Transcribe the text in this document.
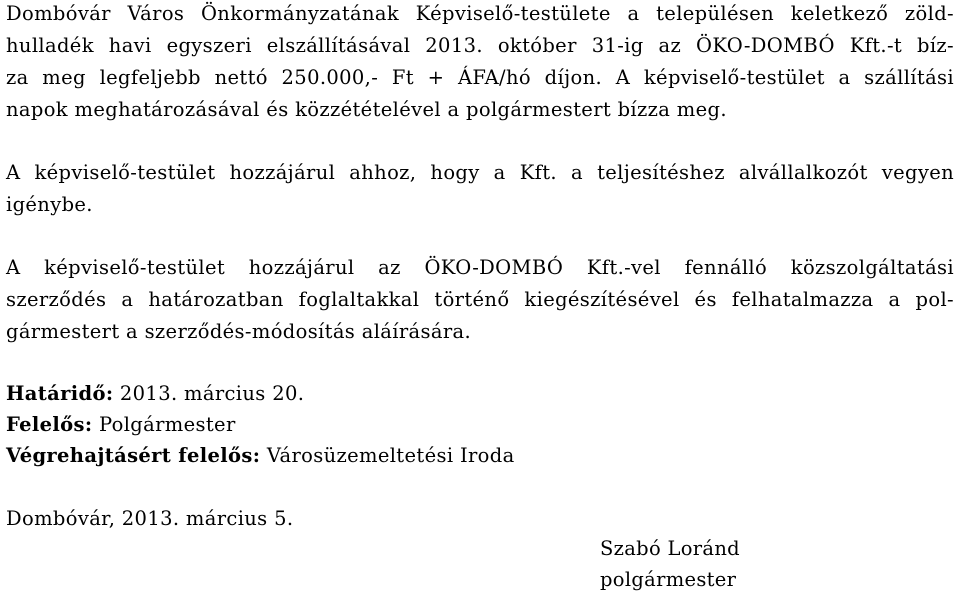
Dombóvár Város Önkormányzatának Képviselő-testülete a településen keletkező zöld-
hulladék havi egyszeri elszállításával 2013. október 31-ig az ÖKO-DOMBÓ Kft.-t bíz-
za meg legfeljebb nettó 250.000,- Ft + ÁFA/hó díjon. A képviselő-testület a szállítási
napok meghatározásával és közzétételével a polgármestert bízza meg.
A képviselő-testület hozzájárul ahhoz, hogy a Kft. a teljesítéshez alvállalkozót vegyen
igénybe.
A képviselő-testület hozzájárul az ÖKO-DOMBÓ Kft.-vel fennálló közszolgáltatási
szerződés a határozatban foglaltakkal történő kiegészítésével és felhatalmazza a pol-
gármestert a szerződés-módosítás aláírására.
Határidő: 2013. március 20.
Felelős: Polgármester
Végrehajtásért felelős: Városüzemeltetési Iroda
Dombóvár, 2013. március 5.
Szabó Loránd
polgármester
